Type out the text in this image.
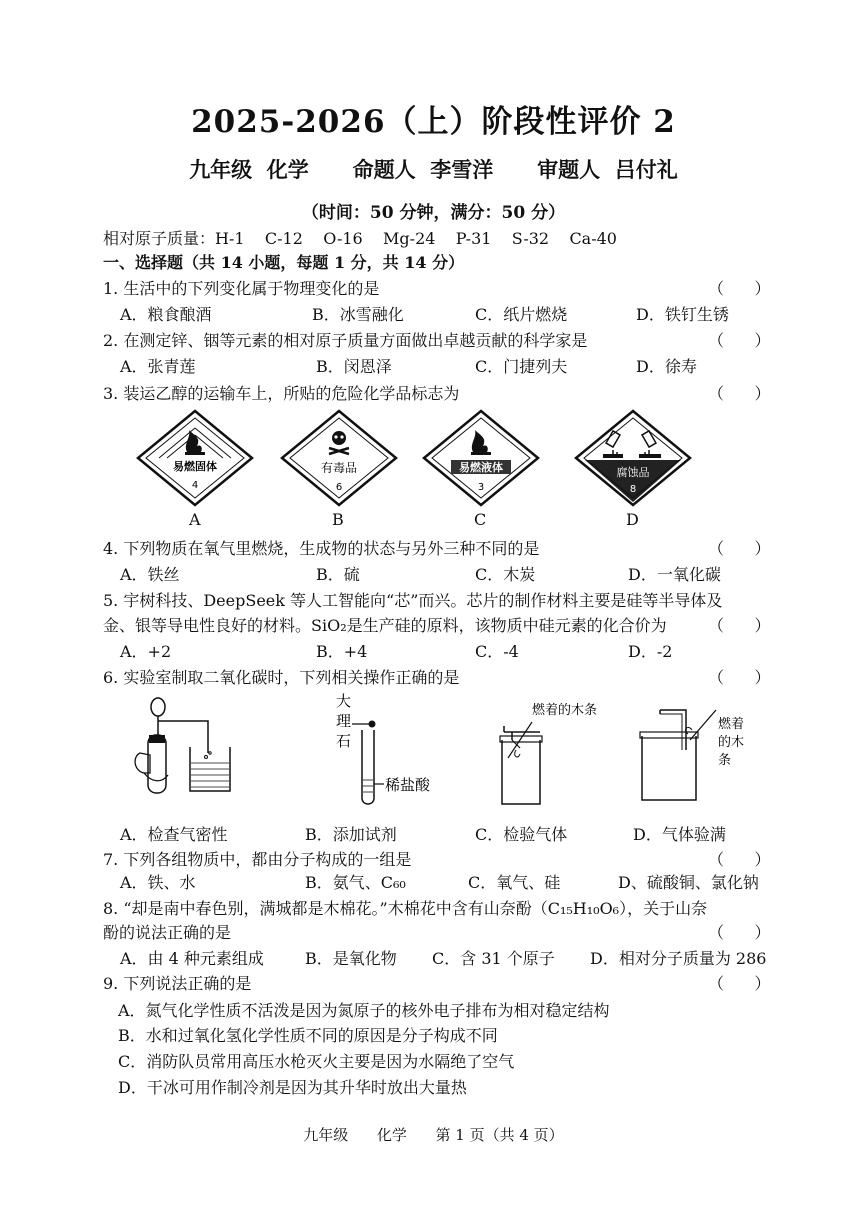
2025-2026（上）阶段性评价 2
九年级  化学      命题人  李雪洋      审题人  吕付礼
（时间：50 分钟，满分：50 分）
相对原子质量：H-1    C-12    O-16    Mg-24    P-31    S-32    Ca-40
一、选择题（共 14 小题，每题 1 分，共 14 分）
1. 生活中的下列变化属于物理变化的是	（      ）
A．粮食酿酒	B．冰雪融化	C．纸片燃烧	D．铁钉生锈
2. 在测定锌、铟等元素的相对原子质量方面做出卓越贡献的科学家是	（      ）
A．张青莲	B．闵恩泽	C．门捷列夫	D．徐寿
3. 装运乙醇的运输车上，所贴的危险化学品标志为	（      ）
易燃固体
4
有毒品
6
易燃液体
3
腐蚀品
8
A	B	C	D
4. 下列物质在氧气里燃烧，生成物的状态与另外三种不同的是	（      ）
A．铁丝	B．硫	C．木炭	D．一氧化碳
5. 宇树科技、DeepSeek 等人工智能向“芯”而兴。芯片的制作材料主要是硅等半导体及
金、银等导电性良好的材料。SiO₂是生产硅的原料，该物质中硅元素的化合价为	（      ）
A．+2	B．+4	C．-4	D．-2
6. 实验室制取二氧化碳时，下列相关操作正确的是	（      ）
大
理
石
稀盐酸
燃着的木条
燃着
的木
条
A．检查气密性	B．添加试剂	C．检验气体	D．气体验满
7. 下列各组物质中，都由分子构成的一组是	（      ）
A．铁、水	B．氨气、C₆₀	C．氧气、硅	D、硫酸铜、氯化钠
8. “却是南中春色别，满城都是木棉花。”木棉花中含有山奈酚（C₁₅H₁₀O₆），关于山奈
酚的说法正确的是	（      ）
A．由 4 种元素组成	B．是氧化物 C．含 31 个原子 D．相对分子质量为 286
9. 下列说法正确的是	（      ）
A．氮气化学性质不活泼是因为氮原子的核外电子排布为相对稳定结构
B．水和过氧化氢化学性质不同的原因是分子构成不同
C．消防队员常用高压水枪灭火主要是因为水隔绝了空气
D．干冰可用作制冷剂是因为其升华时放出大量热
九年级      化学      第 1 页（共 4 页）
